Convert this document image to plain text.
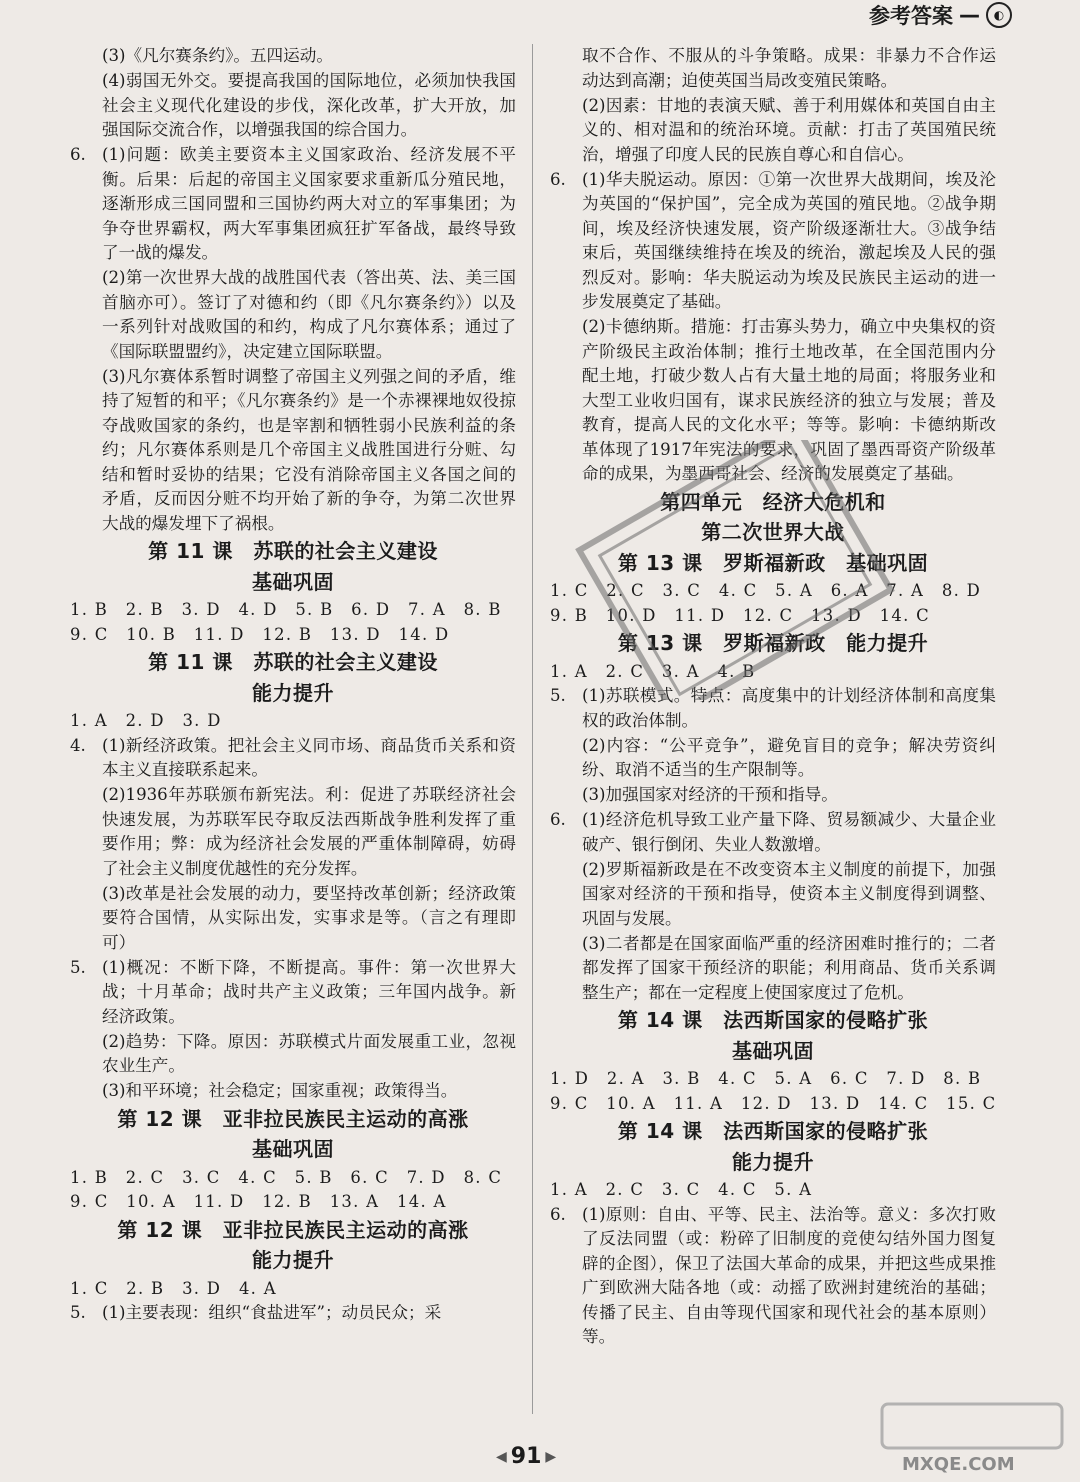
参考答案 —	◐
(3)《凡尔赛条约》。五四运动。
(4)弱国无外交。要提高我国的国际地位，必须加快我国社会主义现代化建设的步伐，深化改革，扩大开放，加强国际交流合作，以增强我国的综合国力。
6. (1)问题：欧美主要资本主义国家政治、经济发展不平衡。后果：后起的帝国主义国家要求重新瓜分殖民地，逐渐形成三国同盟和三国协约两大对立的军事集团；为争夺世界霸权，两大军事集团疯狂扩军备战，最终导致了一战的爆发。
(2)第一次世界大战的战胜国代表（答出英、法、美三国首脑亦可）。签订了对德和约（即《凡尔赛条约》）以及一系列针对战败国的和约，构成了凡尔赛体系；通过了《国际联盟盟约》，决定建立国际联盟。
(3)凡尔赛体系暂时调整了帝国主义列强之间的矛盾，维持了短暂的和平；《凡尔赛条约》是一个赤裸裸地奴役掠夺战败国家的条约，也是宰割和牺牲弱小民族利益的条约；凡尔赛体系则是几个帝国主义战胜国进行分赃、勾结和暂时妥协的结果；它没有消除帝国主义各国之间的矛盾，反而因分赃不均开始了新的争夺，为第二次世界大战的爆发埋下了祸根。
第 11 课　苏联的社会主义建设
基础巩固
1. B　2. B　3. D　4. D　5. B　6. D　7. A　8. B
9. C　10. B　11. D　12. B　13. D　14. D
第 11 课　苏联的社会主义建设
能力提升
1. A　2. D　3. D
4. (1)新经济政策。把社会主义同市场、商品货币关系和资本主义直接联系起来。
(2)1936年苏联颁布新宪法。利：促进了苏联经济社会快速发展，为苏联军民夺取反法西斯战争胜利发挥了重要作用；弊：成为经济社会发展的严重体制障碍，妨碍了社会主义制度优越性的充分发挥。
(3)改革是社会发展的动力，要坚持改革创新；经济政策要符合国情，从实际出发，实事求是等。（言之有理即可）
5. (1)概况：不断下降，不断提高。事件：第一次世界大战；十月革命；战时共产主义政策；三年国内战争。新经济政策。
(2)趋势：下降。原因：苏联模式片面发展重工业，忽视农业生产。
(3)和平环境；社会稳定；国家重视；政策得当。
第 12 课　亚非拉民族民主运动的高涨
基础巩固
1. B　2. C　3. C　4. C　5. B　6. C　7. D　8. C
9. C　10. A　11. D　12. B　13. A　14. A
第 12 课　亚非拉民族民主运动的高涨
能力提升
1. C　2. B　3. D　4. A
5. (1)主要表现：组织“食盐进军”；动员民众；采
取不合作、不服从的斗争策略。成果：非暴力不合作运动达到高潮；迫使英国当局改变殖民策略。
(2)因素：甘地的表演天赋、善于利用媒体和英国自由主义的、相对温和的统治环境。贡献：打击了英国殖民统治，增强了印度人民的民族自尊心和自信心。
6. (1)华夫脱运动。原因：①第一次世界大战期间，埃及沦为英国的“保护国”，完全成为英国的殖民地。②战争期间，埃及经济快速发展，资产阶级逐渐壮大。③战争结束后，英国继续维持在埃及的统治，激起埃及人民的强烈反对。影响：华夫脱运动为埃及民族民主运动的进一步发展奠定了基础。
(2)卡德纳斯。措施：打击寡头势力，确立中央集权的资产阶级民主政治体制；推行土地改革，在全国范围内分配土地，打破少数人占有大量土地的局面；将服务业和大型工业收归国有，谋求民族经济的独立与发展；普及教育，提高人民的文化水平；等等。影响：卡德纳斯改革体现了1917年宪法的要求，巩固了墨西哥资产阶级革命的成果，为墨西哥社会、经济的发展奠定了基础。
第四单元　经济大危机和
第二次世界大战
第 13 课　罗斯福新政　基础巩固
1. C　2. C　3. C　4. C　5. A　6. A　7. A　8. D
9. B　10. D　11. D　12. C　13. D　14. C
第 13 课　罗斯福新政　能力提升
1. A　2. C　3. A　4. B
5. (1)苏联模式。特点：高度集中的计划经济体制和高度集权的政治体制。
(2)内容：“公平竞争”，避免盲目的竞争；解决劳资纠纷、取消不适当的生产限制等。
(3)加强国家对经济的干预和指导。
6. (1)经济危机导致工业产量下降、贸易额减少、大量企业破产、银行倒闭、失业人数激增。
(2)罗斯福新政是在不改变资本主义制度的前提下，加强国家对经济的干预和指导，使资本主义制度得到调整、巩固与发展。
(3)二者都是在国家面临严重的经济困难时推行的；二者都发挥了国家干预经济的职能；利用商品、货币关系调整生产；都在一定程度上使国家度过了危机。
第 14 课　法西斯国家的侵略扩张
基础巩固
1. D　2. A　3. B　4. C　5. A　6. C　7. D　8. B
9. C　10. A　11. A　12. D　13. D　14. C　15. C
第 14 课　法西斯国家的侵略扩张
能力提升
1. A　2. C　3. C　4. C　5. A
6. (1)原则：自由、平等、民主、法治等。意义：多次打败了反法同盟（或：粉碎了旧制度的竞使勾结外国力图复辟的企图），保卫了法国大革命的成果，并把这些成果推广到欧洲大陆各地（或：动摇了欧洲封建统治的基础；传播了民主、自由等现代国家和现代社会的基本原则）等。
MXQE.COM
◀ 91 ▶
